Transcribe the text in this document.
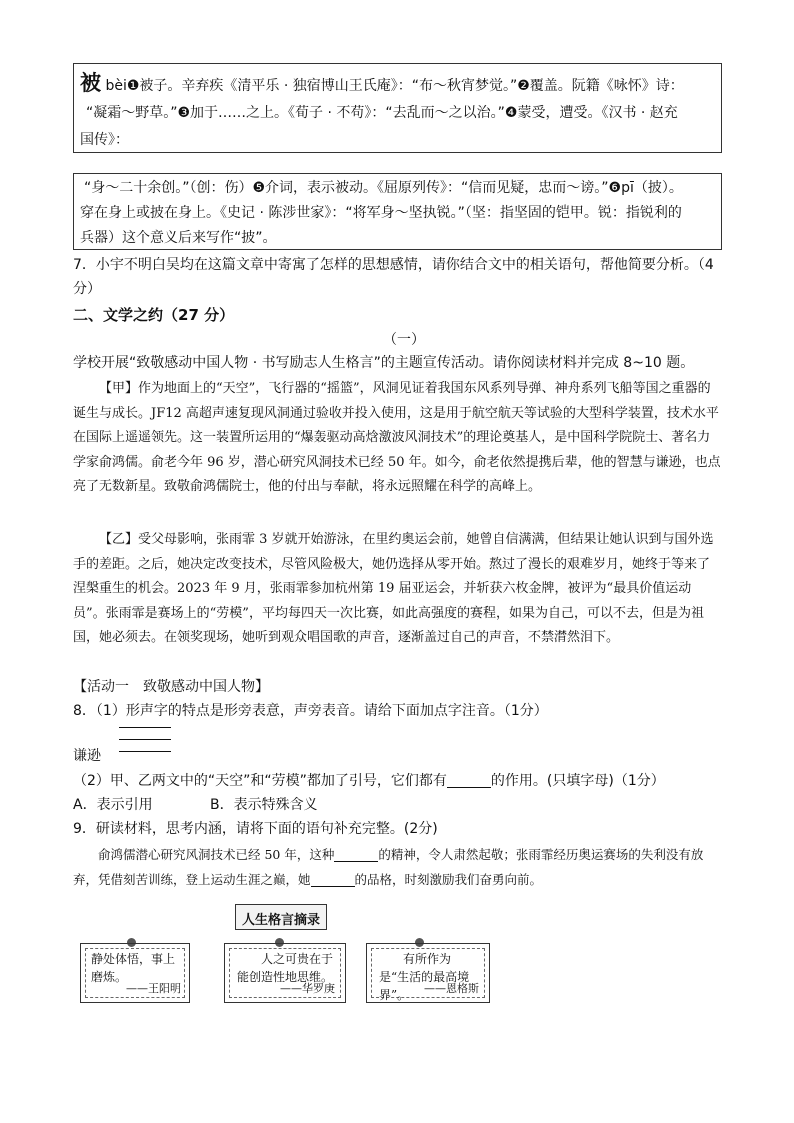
被 bèi❶被子。辛弃疾《清平乐 · 独宿博山王氏庵》：“布～秋宵梦觉。”❷覆盖。阮籍《咏怀》诗：
“凝霜～野草。”❸加于……之上。《荀子 · 不苟》：“去乱而～之以治。”❹蒙受，遭受。《汉书 · 赵充
国传》：
“身～二十余创。”（创：伤）❺介词，表示被动。《屈原列传》：“信而见疑，忠而～谤。”❻pī（披）。
穿在身上或披在身上。《史记 · 陈涉世家》：“将军身～坚执锐。”（坚：指坚固的铠甲。锐：指锐利的
兵器）这个意义后来写作“披”。
7．小宇不明白吴均在这篇文章中寄寓了怎样的思想感情，请你结合文中的相关语句，帮他简要分析。（4
分）
二、文学之约（27 分）
（一）
学校开展“致敬感动中国人物 · 书写励志人生格言”的主题宣传活动。请你阅读材料并完成 8~10 题。
【甲】作为地面上的“天空”，飞行器的“摇篮”，风洞见证着我国东风系列导弹、神舟系列飞船等国之重器的诞生与成长。JF12 高超声速复现风洞通过验收并投入使用，这是用于航空航天等试验的大型科学装置，技术水平在国际上遥遥领先。这一装置所运用的“爆轰驱动高焓激波风洞技术”的理论奠基人，是中国科学院院士、著名力学家俞鸿儒。俞老今年 96 岁，潜心研究风洞技术已经 50 年。如今，俞老依然提携后辈，他的智慧与谦逊，也点亮了无数新星。致敬俞鸿儒院士，他的付出与奉献，将永远照耀在科学的高峰上。
【乙】受父母影响，张雨霏 3 岁就开始游泳，在里约奥运会前，她曾自信满满，但结果让她认识到与国外选手的差距。之后，她决定改变技术，尽管风险极大，她仍选择从零开始。熬过了漫长的艰难岁月，她终于等来了涅槃重生的机会。2023 年 9 月，张雨霏参加杭州第 19 届亚运会，并斩获六枚金牌，被评为“最具价值运动员”。张雨霏是赛场上的“劳模”，平均每四天一次比赛，如此高强度的赛程，如果为自己，可以不去，但是为祖国，她必须去。在领奖现场，她听到观众唱国歌的声音，逐渐盖过自己的声音，不禁潸然泪下。
【活动一　致敬感动中国人物】
8．（1）形声字的特点是形旁表意，声旁表音。请给下面加点字注音。（1分）
谦逊
（2）甲、乙两文中的“天空”和“劳模”都加了引号，它们都有	的作用。(只填字母)（1分）
A．表示引用	B．表示特殊含义
9．研读材料，思考内涵，请将下面的语句补充完整。(2分)
俞鸿儒潜心研究风洞技术已经 50 年，这种	的精神，令人肃然起敬；张雨霏经历奥运赛场的失利没有放弃，凭借刻苦训练，登上运动生涯之巅，她	的品格，时刻激励我们奋勇向前。
人生格言摘录
静处体悟，事上磨炼。
——王阳明
人之可贵在于能创造性地思维。
——华罗庚
有所作为是“生活的最高境界”。	——恩格斯
